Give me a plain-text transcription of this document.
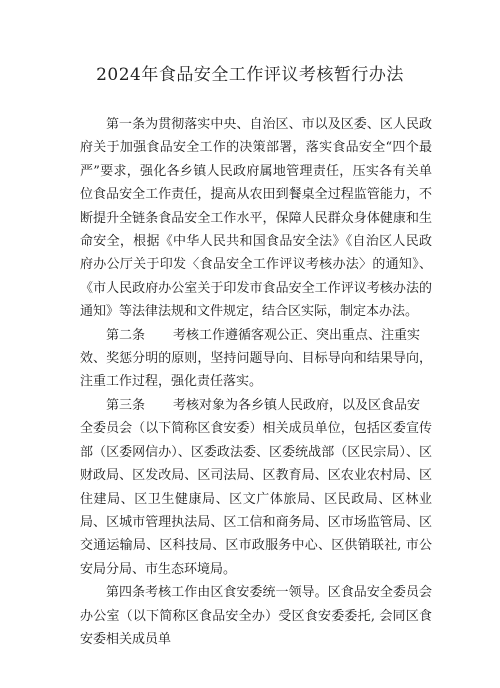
2024年食品安全工作评议考核暂行办法

第一条为贯彻落实中央、自治区、市以及区委、区人民政府关于加强食品安全工作的决策部署，落实食品安全“四个最严”要求，强化各乡镇人民政府属地管理责任，压实各有关单位食品安全工作责任，提高从农田到餐桌全过程监管能力，不断提升全链条食品安全工作水平，保障人民群众身体健康和生命安全，根据《中华人民共和国食品安全法》《自治区人民政府办公厅关于印发〈食品安全工作评议考核办法〉的通知》、《市人民政府办公室关于印发市食品安全工作评议考核办法的通知》等法律法规和文件规定，结合区实际，制定本办法。

第二条 考核工作遵循客观公正、突出重点、注重实

效、奖惩分明的原则，坚持问题导向、目标导向和结果导向，注重工作过程，强化责任落实。

第三条 考核对象为各乡镇人民政府，以及区食品安

全委员会（以下简称区食安委）相关成员单位，包括区委宣传部（区委网信办）、区委政法委、区委统战部（区民宗局）、区财政局、区发改局、区司法局、区教育局、区农业农村局、区住建局、区卫生健康局、区文广体旅局、区民政局、区林业局、区城市管理执法局、区工信和商务局、区市场监管局、区交通运输局、区科技局、区市政服务中心、区供销联社, 市公安局分局、市生态环境局。

第四条考核工作由区食安委统一领导。区食品安全委员会办公室（以下简称区食品安全办）受区食安委委托, 会同区食安委相关成员单
